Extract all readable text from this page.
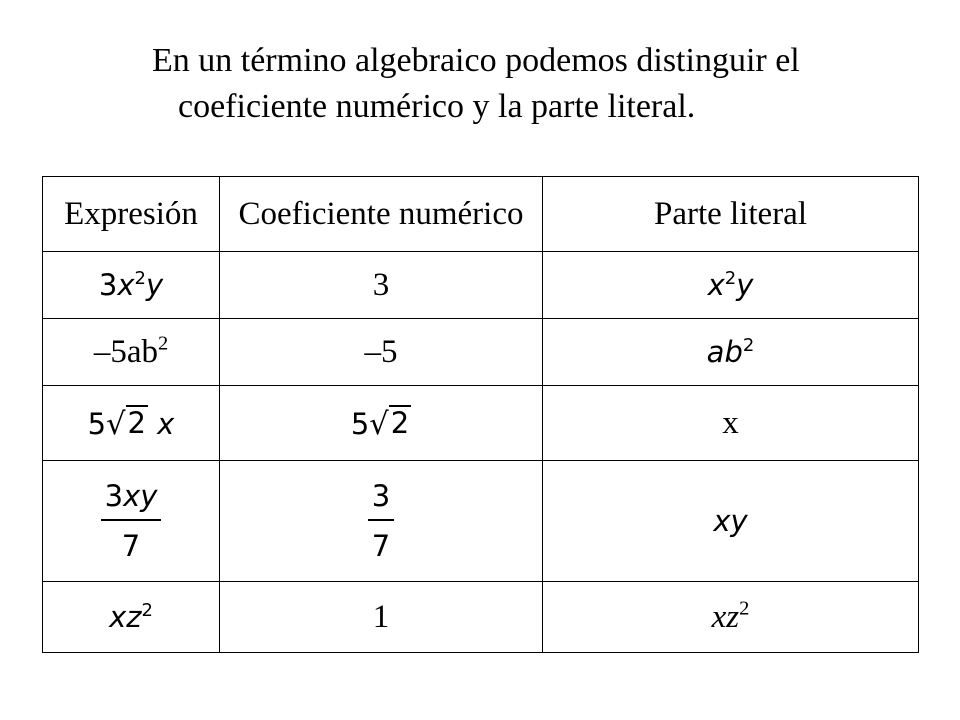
En un término algebraico podemos distinguir el
coeficiente numérico y la parte literal.

Expresión	Coeficiente numérico	Parte literal
$3x^2y$	3	$x^2y$
$-5ab^2$	–5	$ab^2$
5 √ 2 x	5 √ 2	x

$\frac{3xy}{7}$	$\frac{3}{7}$	xy
$xz^2$	1	$xz^2$
